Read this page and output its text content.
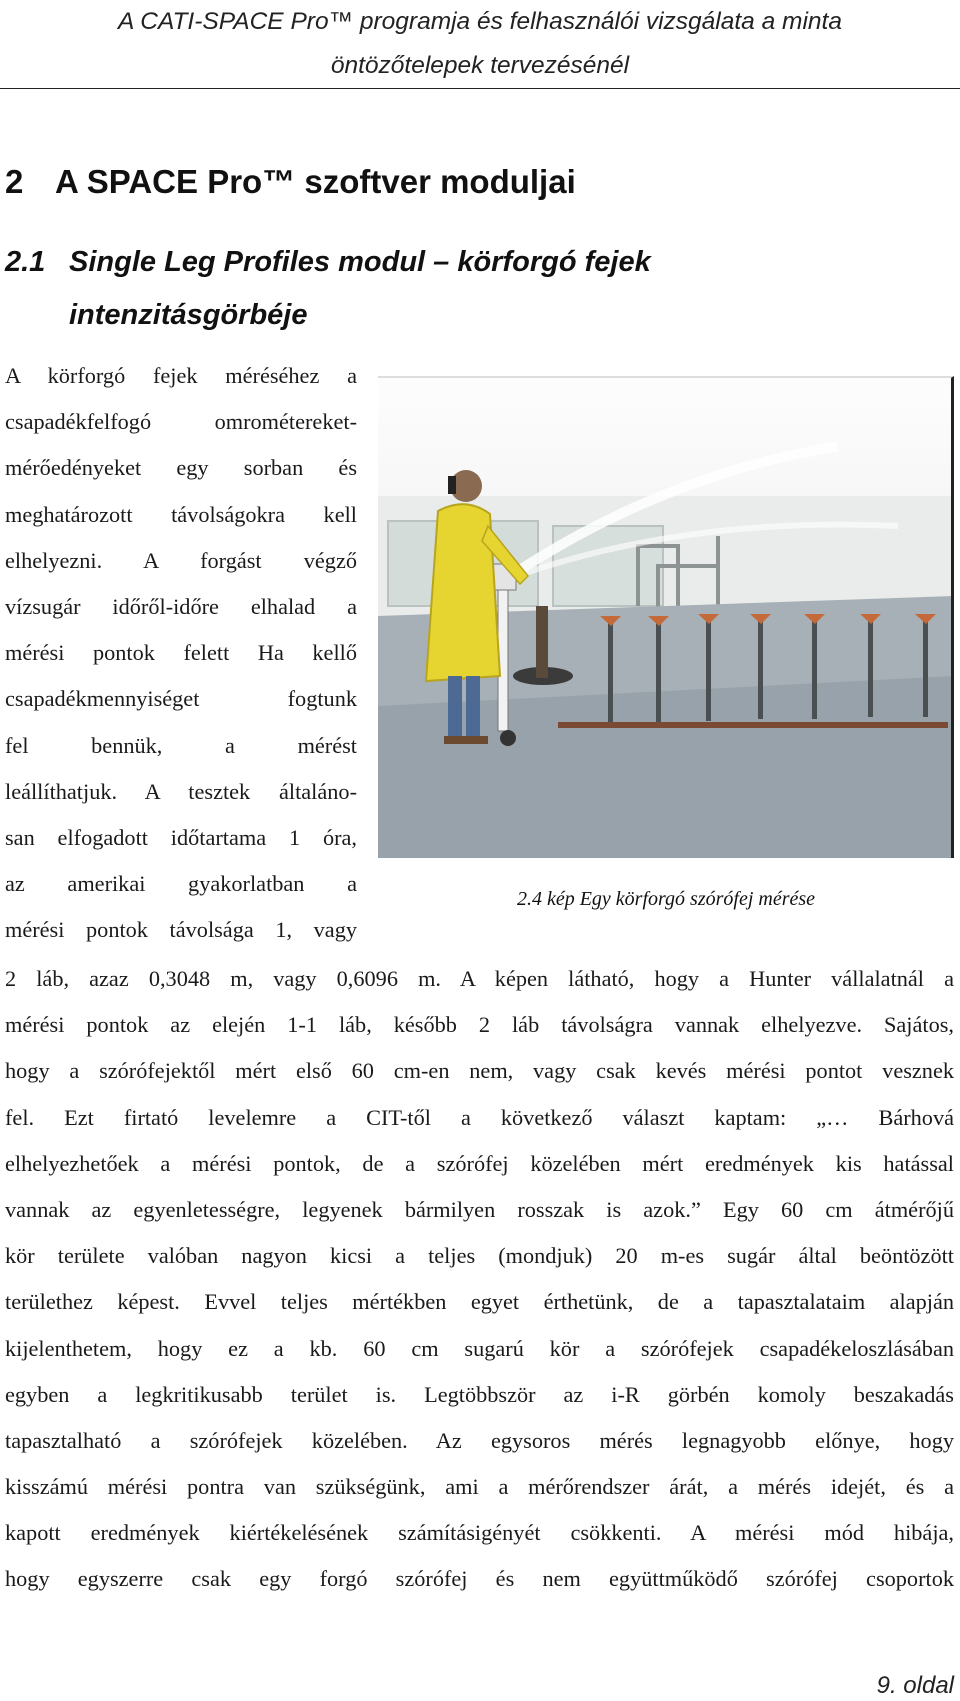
A CATI-SPACE Pro™ programja és felhasználói vizsgálata a minta
öntözőtelepek tervezésénél
2 A SPACE Pro™ szoftver moduljai
2.1 Single Leg Profiles modul – körforgó fejek intenzitásgörbéje
A körforgó fejek méréséhez a
csapadékfelfogó omrométereket-
mérőedényeket egy sorban és
meghatározott távolságokra kell
elhelyezni. A forgást végző
vízsugár időről-időre elhalad a
mérési pontok felett Ha kellő
csapadékmennyiséget fogtunk
fel bennük, a mérést
leállíthatjuk. A tesztek általáno-
san elfogadott időtartama 1 óra,
az amerikai gyakorlatban a
mérési pontok távolsága 1, vagy
2.4 kép Egy körforgó szórófej mérése
2 láb, azaz 0,3048 m, vagy 0,6096 m. A képen látható, hogy a Hunter vállalatnál a
mérési pontok az elején 1-1 láb, később 2 láb távolságra vannak elhelyezve. Sajátos,
hogy a szórófejektől mért első 60 cm-en nem, vagy csak kevés mérési pontot vesznek
fel. Ezt firtató levelemre a CIT-től a következő választ kaptam: „… Bárhová
elhelyezhetőek a mérési pontok, de a szórófej közelében mért eredmények kis hatással
vannak az egyenletességre, legyenek bármilyen rosszak is azok.” Egy 60 cm átmérőjű
kör területe valóban nagyon kicsi a teljes (mondjuk) 20 m-es sugár által beöntözött
területhez képest. Evvel teljes mértékben egyet érthetünk, de a tapasztalataim alapján
kijelenthetem, hogy ez a kb. 60 cm sugarú kör a szórófejek csapadékeloszlásában
egyben a legkritikusabb terület is. Legtöbbször az i-R görbén komoly beszakadás
tapasztalható a szórófejek közelében. Az egysoros mérés legnagyobb előnye, hogy
kisszámú mérési pontra van szükségünk, ami a mérőrendszer árát, a mérés idejét, és a
kapott eredmények kiértékelésének számításigényét csökkenti. A mérési mód hibája,
hogy egyszerre csak egy forgó szórófej és nem együttműködő szórófej csoportok
9. oldal
